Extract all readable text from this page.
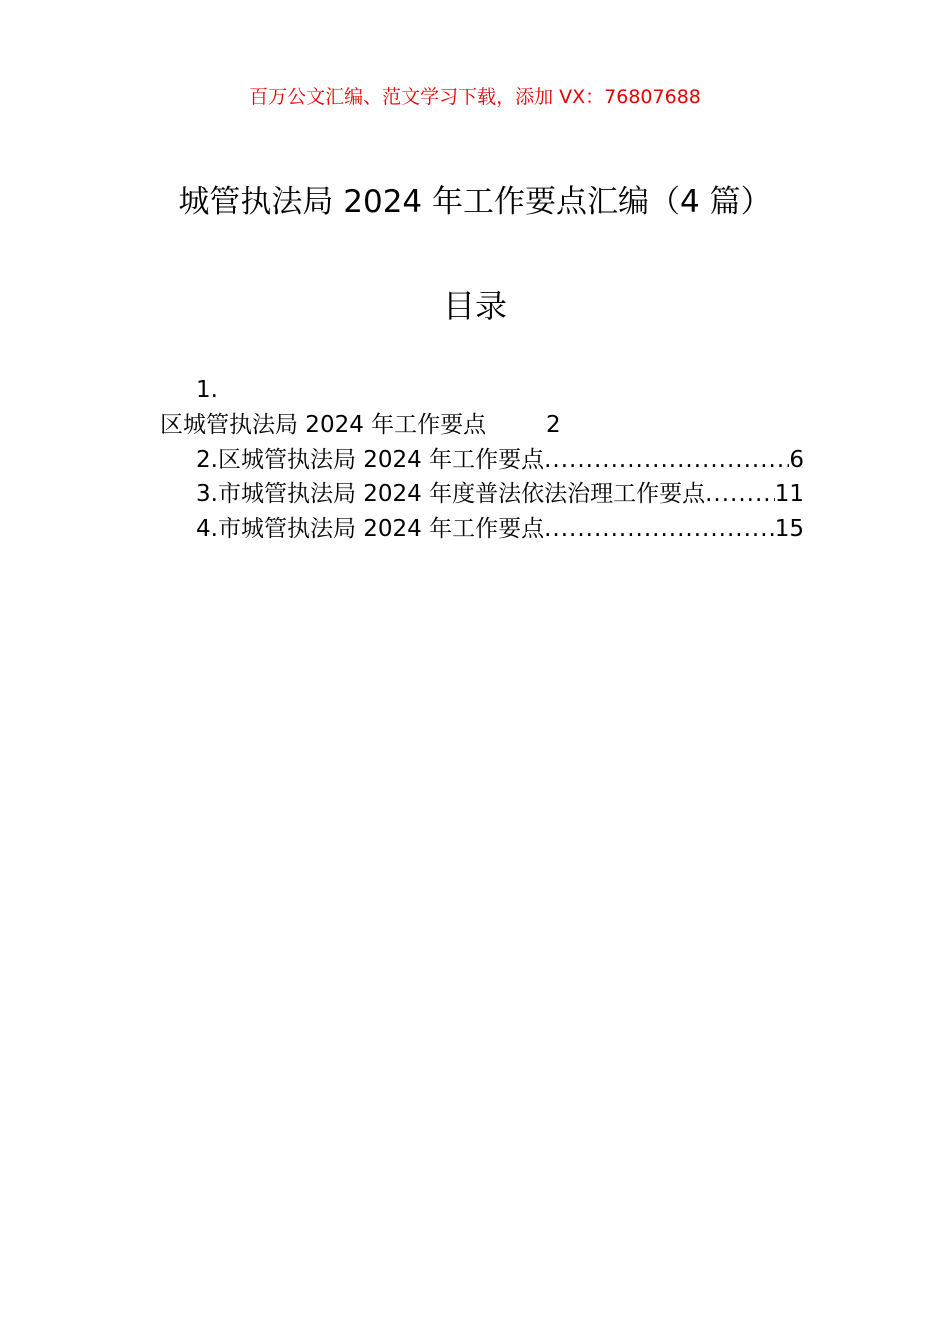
百万公文汇编、范文学习下载，添加 VX：76807688
城管执法局 2024 年工作要点汇编（4 篇）
目录
1.
区城管执法局 2024 年工作要点	2
2.区城管执法局 2024 年工作要点 .....	6
3.市城管执法局 2024 年度普法依法治理工作要点 .....	11
4.市城管执法局 2024 年工作要点 .....	15
